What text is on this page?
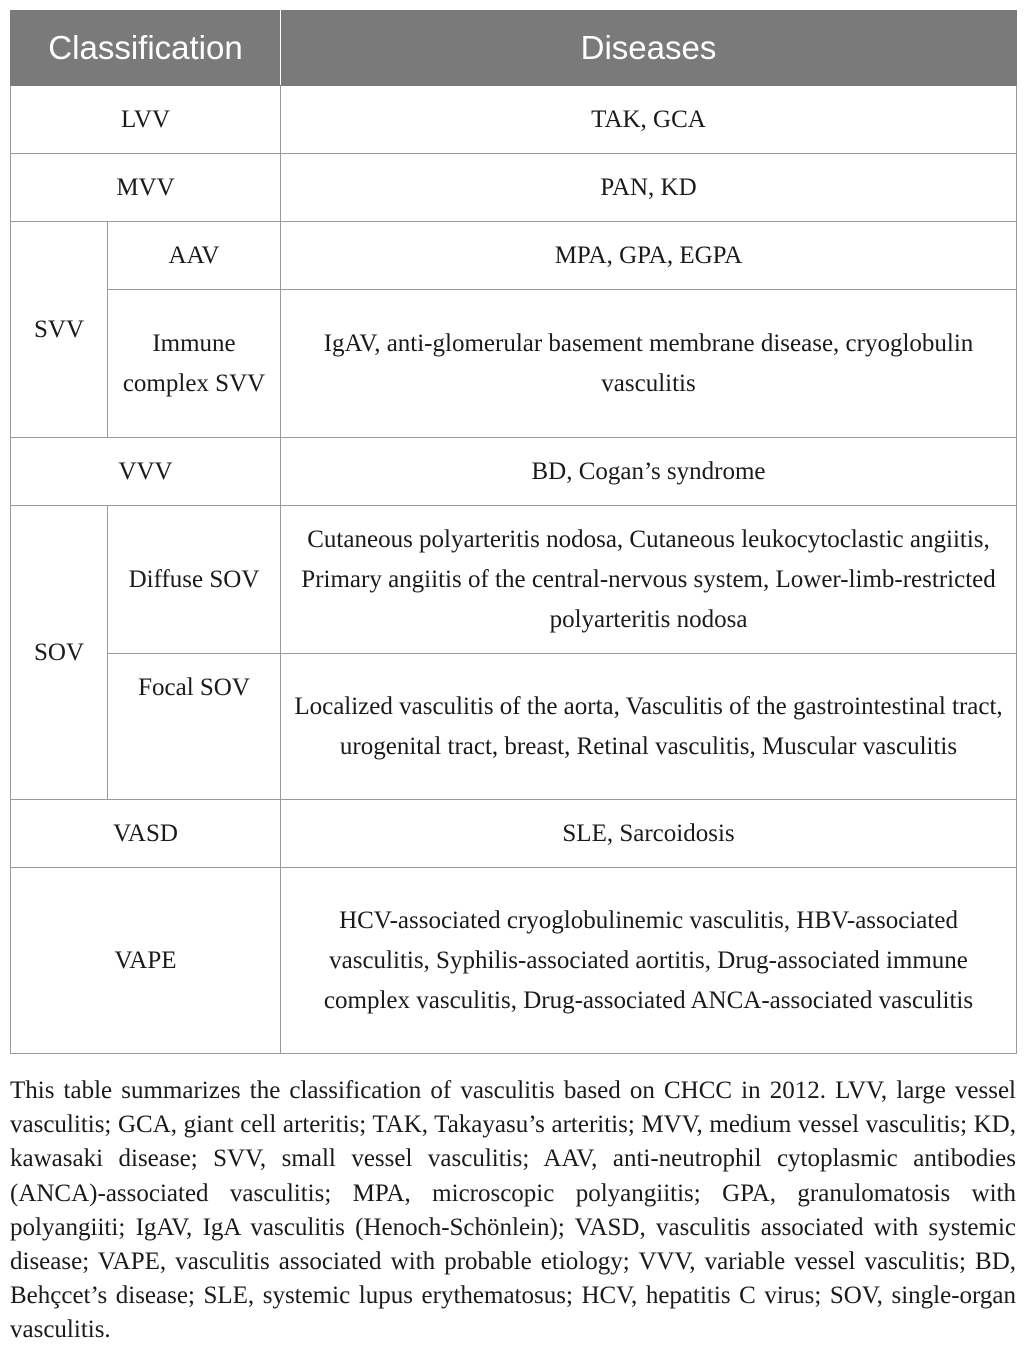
Classification		Diseases
LVV		TAK, GCA
MVV		PAN, KD
SVV	AAV	MPA, GPA, EGPA
	Immune complex SVV	IgAV, anti-glomerular basement membrane disease, cryoglobulin vasculitis
VVV		BD, Cogan’s syndrome
SOV	Diffuse SOV	Cutaneous polyarteritis nodosa, Cutaneous leukocytoclastic angiitis, Primary angiitis of the central-nervous system, Lower-limb-restricted polyarteritis nodosa
	Focal SOV	Localized vasculitis of the aorta, Vasculitis of the gastrointestinal tract, urogenital tract, breast, Retinal vasculitis, Muscular vasculitis
VASD		SLE, Sarcoidosis
VAPE		HCV-associated cryoglobulinemic vasculitis, HBV-associated vasculitis, Syphilis-associated aortitis, Drug-associated immune complex vasculitis, Drug-associated ANCA-associated vasculitis

This table summarizes the classification of vasculitis based on CHCC in 2012. LVV, large vessel vasculitis; GCA, giant cell arteritis; TAK, Takayasu’s arteritis; MVV, medium vessel vasculitis; KD, kawasaki disease; SVV, small vessel vasculitis; AAV, anti-neutrophil cytoplasmic antibodies (ANCA)-associated vasculitis; MPA, microscopic polyangiitis; GPA, granulomatosis with polyangiiti; IgAV, IgA vasculitis (Henoch-Schönlein); VASD, vasculitis associated with systemic disease; VAPE, vasculitis associated with probable etiology; VVV, variable vessel vasculitis; BD, Behçcet’s disease; SLE, systemic lupus erythematosus; HCV, hepatitis C virus; SOV, single-organ vasculitis.
